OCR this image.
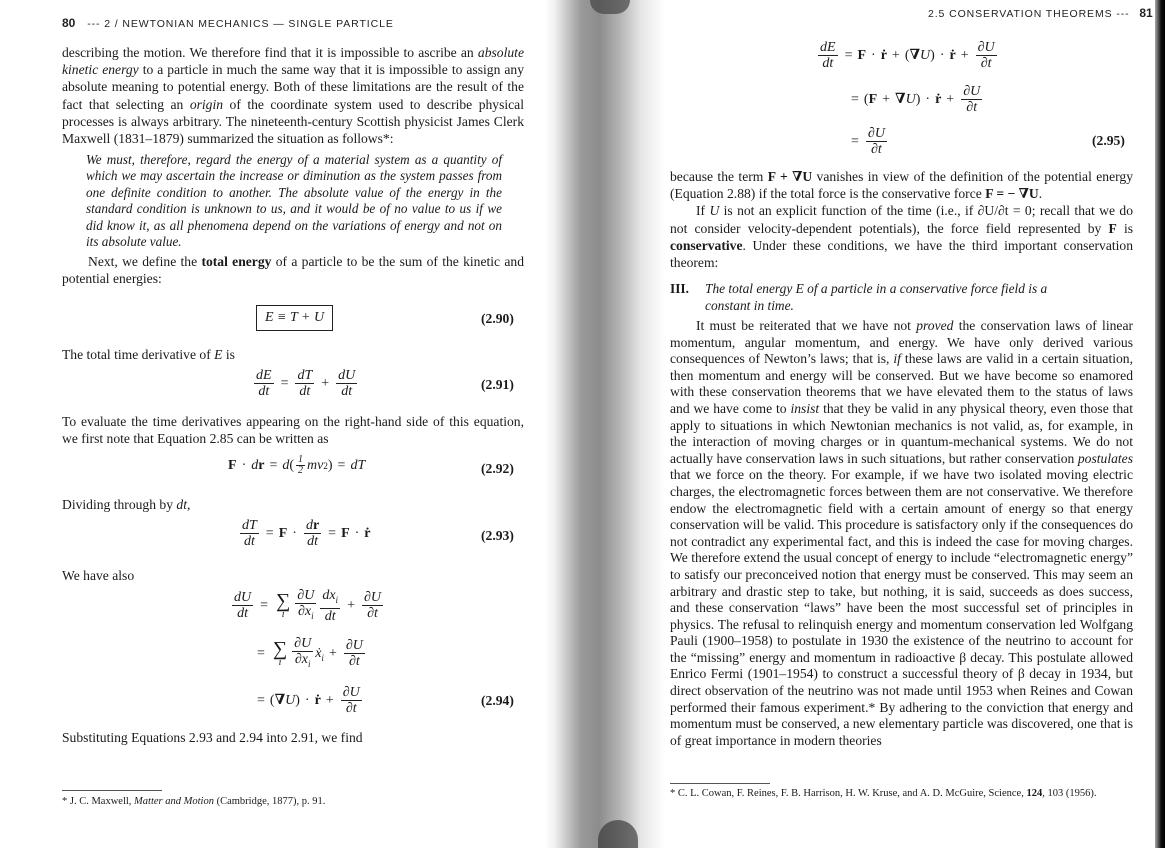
80 --- 2 / NEWTONIAN MECHANICS — SINGLE PARTICLE

describing the motion. We therefore find that it is impossible to ascribe an absolute kinetic energy to a particle in much the same way that it is impossible to assign any absolute meaning to potential energy. Both of these limitations are the result of the fact that selecting an origin of the coordinate system used to describe physical processes is always arbitrary. The nineteenth-century Scottish physicist James Clerk Maxwell (1831–1879) summarized the situation as follows*:

We must, therefore, regard the energy of a material system as a quantity of which we may ascertain the increase or diminution as the system passes from one definite condition to another. The absolute value of the energy in the standard condition is unknown to us, and it would be of no value to us if we did know it, as all phenomena depend on the variations of energy and not on its absolute value.

Next, we define the total energy of a particle to be the sum of the kinetic and potential energies:

E ≡ T + U	(2.90)

The total time derivative of E is

$\frac{dE}{dt} = \frac{dT}{dt} + \frac{dU}{dt}$	(2.91)
To evaluate the time derivatives appearing on the right-hand side of this equation, we first note that Equation 2.85 can be written as
F · d r = d ( $\frac{1}{2}$ mv 2 ) = dT	(2.92)

Dividing through by dt,

$\frac{dT}{dt} = F \cdot \frac{dr}{dt} = F$ · ṙ	(2.93)
We have also
$\frac{dU}{dt}$ = ∑
i $\frac{\partial U}{\partial x_i} \frac{dx_i}{dt} + \frac{\partial U}{\partial t}$
= ∑
i $\frac{\partial U}{\partial x_i}$ ẋ$_i$ + $\frac{\partial U}{\partial t}$
= ( ∇ U ) · ṙ + $\frac{\partial U}{\partial t}$	(2.94)
Substituting Equations 2.93 and 2.94 into 2.91, we find
* J. C. Maxwell, Matter and Motion (Cambridge, 1877), p. 91.
2.5 CONSERVATION THEOREMS --- 81
$\frac{dE}{dt} = F$ · ṙ + ( ∇ U ) · ṙ + $\frac{\partial U}{\partial t}$
= ( F + ∇ U ) · ṙ + $\frac{\partial U}{\partial t}$
= $\frac{\partial U}{\partial t}$	(2.95)

because the term F + ∇U vanishes in view of the definition of the potential energy (Equation 2.88) if the total force is the conservative force F = − ∇U.

If U is not an explicit function of the time (i.e., if ∂U/∂t = 0; recall that we do not consider velocity-dependent potentials), the force field represented by F is conservative. Under these conditions, we have the third important conservation theorem:

III. The total energy E of a particle in a conservative force field is a constant in time.

It must be reiterated that we have not proved the conservation laws of linear momentum, angular momentum, and energy. We have only derived various consequences of Newton’s laws; that is, if these laws are valid in a certain situation, then momentum and energy will be conserved. But we have become so enamored with these conservation theorems that we have elevated them to the status of laws and we have come to insist that they be valid in any physical theory, even those that apply to situations in which Newtonian mechanics is not valid, as, for example, in the interaction of moving charges or in quantum-mechanical systems. We do not actually have conservation laws in such situations, but rather conservation postulates that we force on the theory. For example, if we have two isolated moving electric charges, the electromagnetic forces between them are not conservative. We therefore endow the electromagnetic field with a certain amount of energy so that energy conservation will be valid. This procedure is satisfactory only if the consequences do not contradict any experimental fact, and this is indeed the case for moving charges. We therefore extend the usual concept of energy to include “electromagnetic energy” to satisfy our preconceived notion that energy must be conserved. This may seem an arbitrary and drastic step to take, but nothing, it is said, succeeds as does success, and these conservation “laws” have been the most successful set of principles in physics. The refusal to relinquish energy and momentum conservation led Wolfgang Pauli (1900–1958) to postulate in 1930 the existence of the neutrino to account for the “missing” energy and momentum in radioactive β decay. This postulate allowed Enrico Fermi (1901–1954) to construct a successful theory of β decay in 1934, but direct observation of the neutrino was not made until 1953 when Reines and Cowan performed their famous experiment.* By adhering to the conviction that energy and momentum must be conserved, a new elementary particle was discovered, one that is of great importance in modern theories

* C. L. Cowan, F. Reines, F. B. Harrison, H. W. Kruse, and A. D. McGuire, Science, 124, 103 (1956).
